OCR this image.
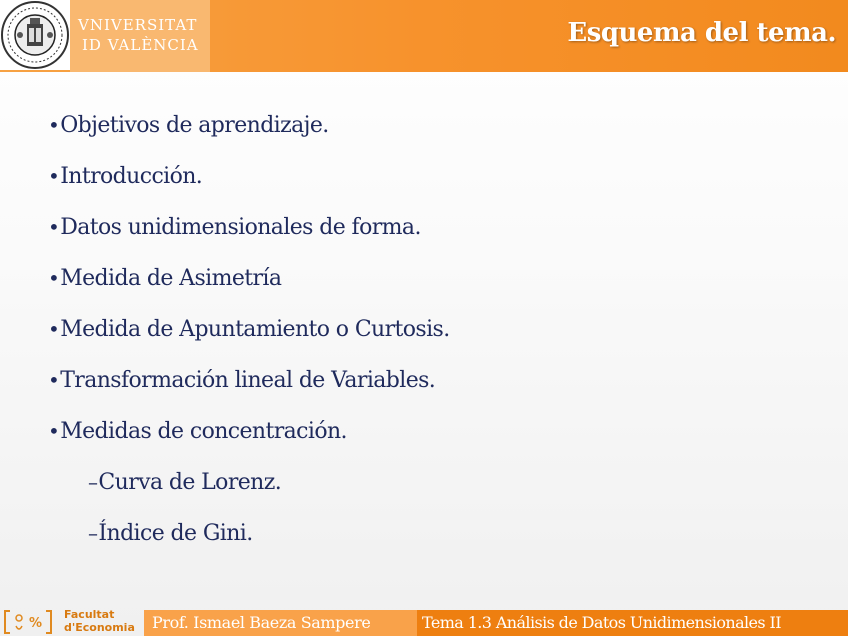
VNIVERSITAT
ID VALÈNCIA	Esquema del tema.
•Objetivos de aprendizaje.
•Introducción.
•Datos unidimensionales de forma.
•Medida de Asimetría
•Medida de Apuntamiento o Curtosis.
•Transformación lineal de Variables.
•Medidas de concentración.
–Curva de Lorenz.
–Índice de Gini.
%
Facultat
d'Economia	Prof. Ismael Baeza Sampere	Tema 1.3 Análisis de Datos Unidimensionales II
